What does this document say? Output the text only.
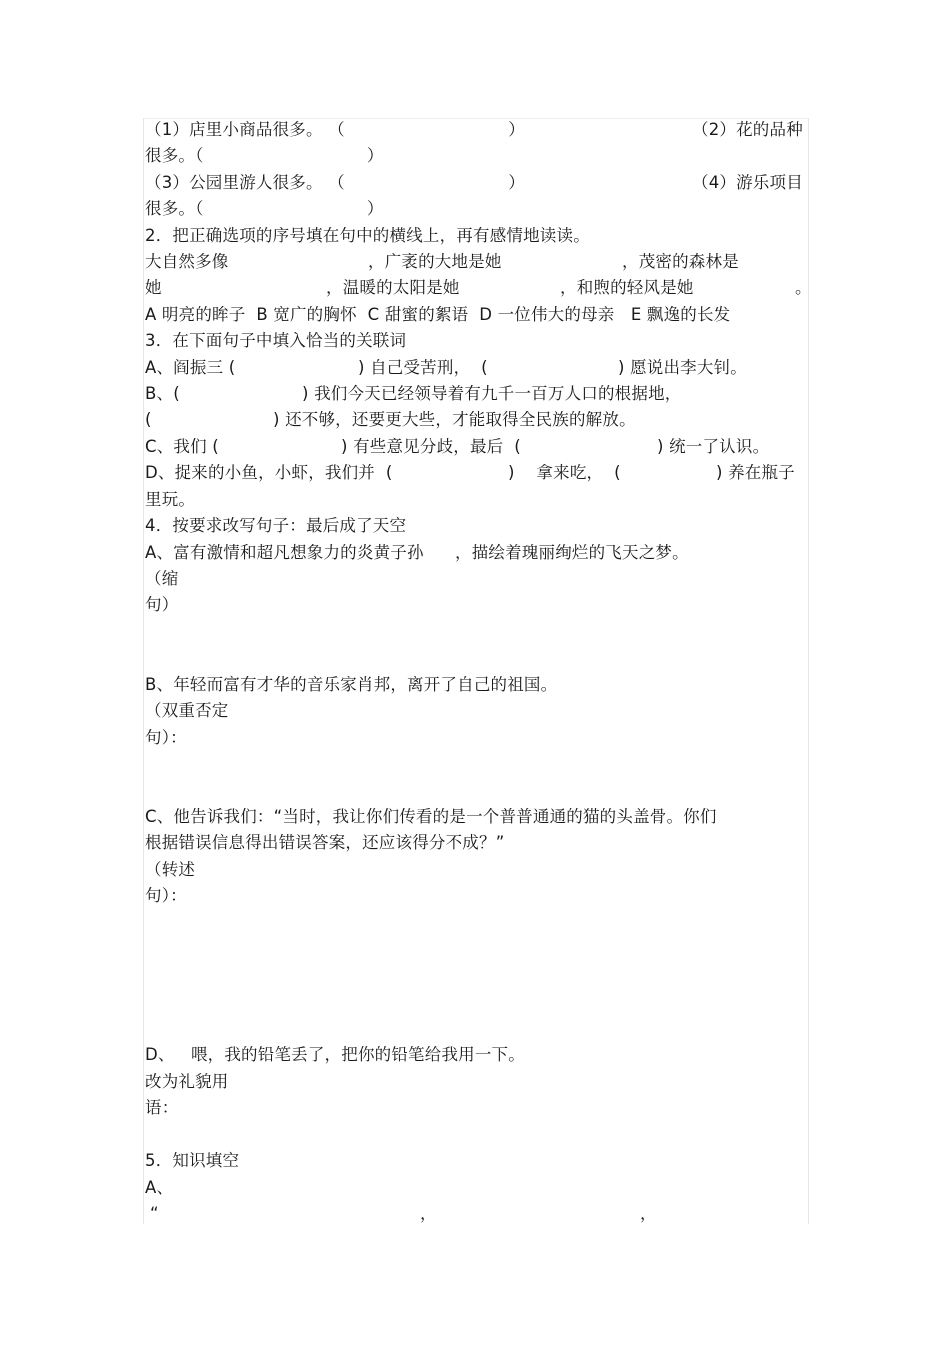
（1）店里小商品很多。 （                              ）	（2）花的品种
很多。（                              ）
（3）公园里游人很多。 （                              ）	（4）游乐项目
很多。（                              ）
2．把正确选项的序号填在句中的横线上，再有感情地读读。
大自然多像	，广袤的大地是她	，茂密的森林是
她	，温暖的太阳是她	，和煦的轻风是她	。
A 明亮的眸子  B 宽广的胸怀  C 甜蜜的絮语  D 一位伟大的母亲   E 飘逸的长发
3．在下面句子中填入恰当的关联词
A、阎振三 (	) 自己受苦刑，  (	) 愿说出李大钊。
B、(	) 我们今天已经领导着有九千一百万人口的根据地，
(	) 还不够，还要更大些，才能取得全民族的解放。
C、我们 (	) 有些意见分歧，最后  (	) 统一了认识。
D、捉来的小鱼，小虾，我们并  (	)    拿来吃，  (	) 养在瓶子
里玩。
4．按要求改写句子：最后成了天空
A、富有激情和超凡想象力的炎黄子孙 ，描绘着瑰丽绚烂的飞天之梦。
（缩
句）
B、年轻而富有才华的音乐家肖邦，离开了自己的祖国。
（双重否定
句）：
C、他告诉我们：“当时，我让你们传看的是一个普普通通的猫的头盖骨。你们
根据错误信息得出错误答案，还应该得分不成？”
（转述
句）：
D、   喂，我的铅笔丢了，把你的铅笔给我用一下。
改为礼貌用
语：
5．知识填空
A、
“	，	，
